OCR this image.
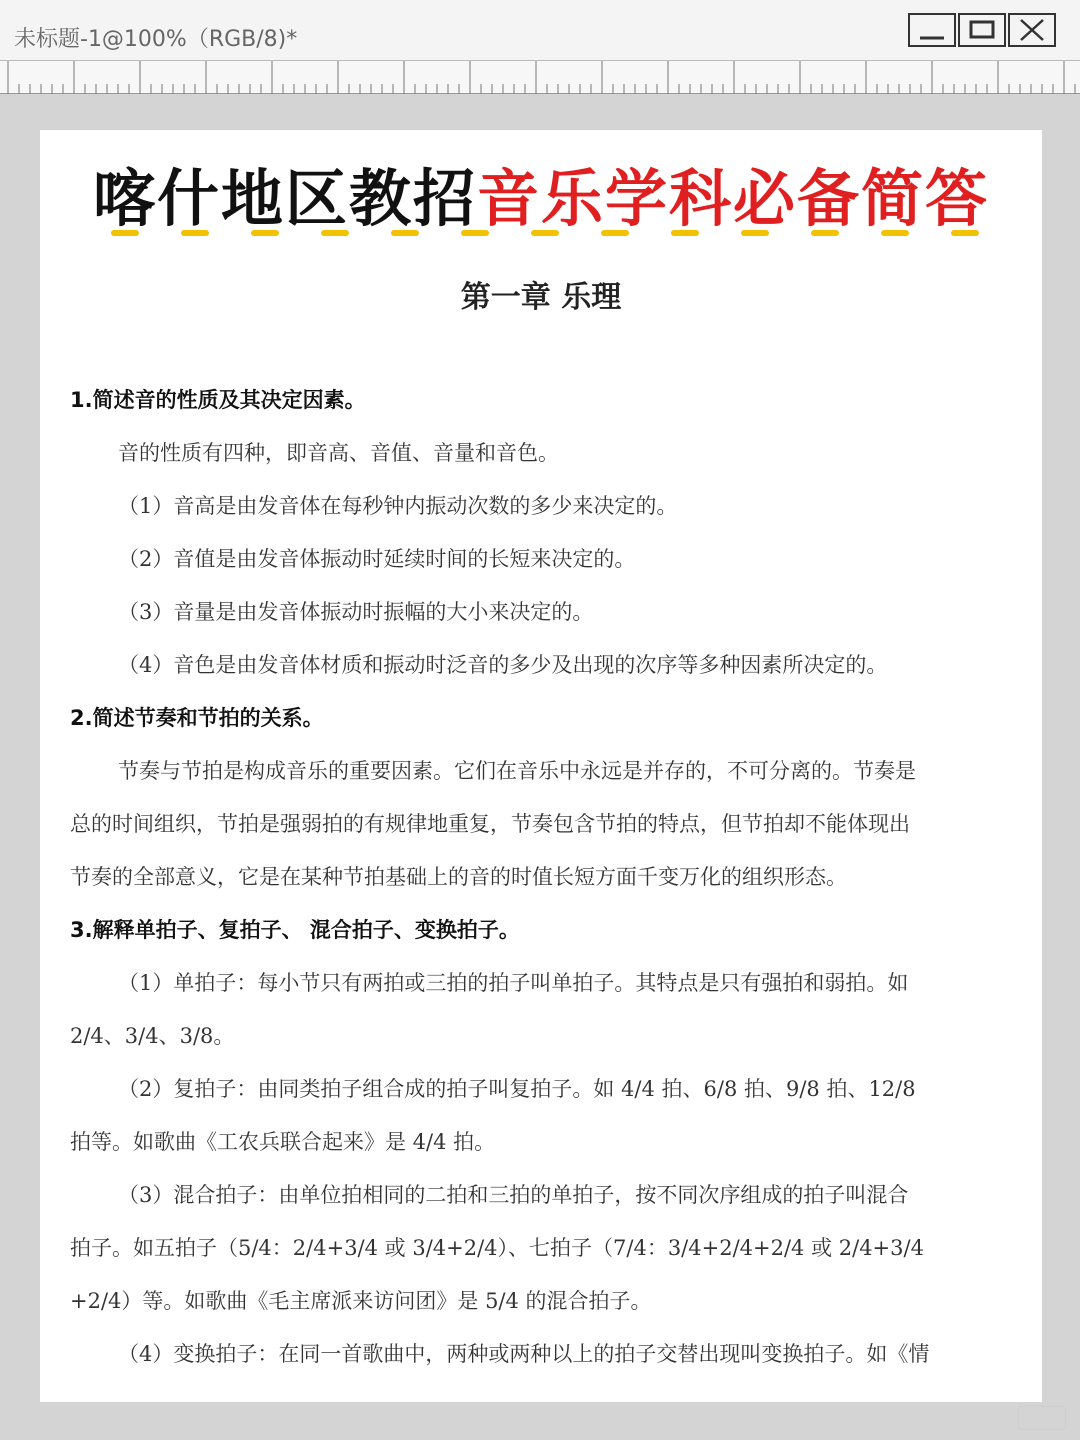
未标题-1@100%（RGB/8)*
喀什地区教招音乐学科必备简答
第一章 乐理
1.简述音的性质及其决定因素。

音的性质有四种，即音高、音值、音量和音色。

（1）音高是由发音体在每秒钟内振动次数的多少来决定的。

（2）音值是由发音体振动时延续时间的长短来决定的。

（3）音量是由发音体振动时振幅的大小来决定的。

（4）音色是由发音体材质和振动时泛音的多少及出现的次序等多种因素所决定的。

2.简述节奏和节拍的关系。

节奏与节拍是构成音乐的重要因素。它们在音乐中永远是并存的，不可分离的。节奏是

总的时间组织，节拍是强弱拍的有规律地重复，节奏包含节拍的特点，但节拍却不能体现出

节奏的全部意义，它是在某种节拍基础上的音的时值长短方面千变万化的组织形态。

3.解释单拍子、复拍子、 混合拍子、变换拍子。

（1）单拍子：每小节只有两拍或三拍的拍子叫单拍子。其特点是只有强拍和弱拍。如

2/4、3/4、3/8。

（2）复拍子：由同类拍子组合成的拍子叫复拍子。如 4/4 拍、6/8 拍、9/8 拍、12/8

拍等。如歌曲《工农兵联合起来》是 4/4 拍。

（3）混合拍子：由单位拍相同的二拍和三拍的单拍子，按不同次序组成的拍子叫混合

拍子。如五拍子（5/4：2/4+3/4 或 3/4+2/4）、七拍子（7/4：3/4+2/4+2/4 或 2/4+3/4

+2/4）等。如歌曲《毛主席派来访问团》是 5/4 的混合拍子。

（4）变换拍子：在同一首歌曲中，两种或两种以上的拍子交替出现叫变换拍子。如《情
